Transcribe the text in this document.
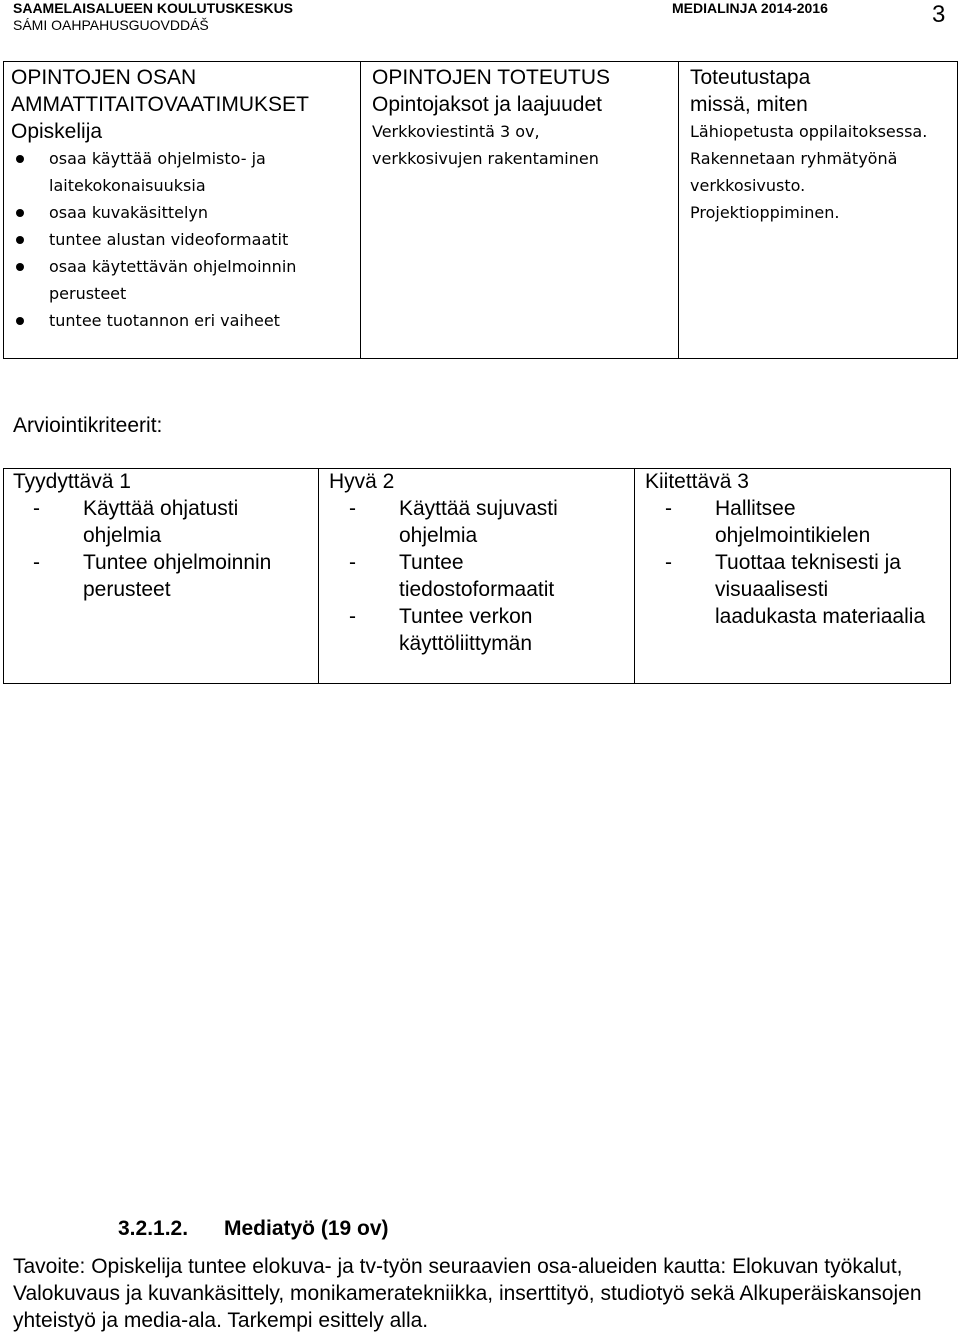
SAAMELAISALUEEN KOULUTUSKESKUS
SÁMI OAHPAHUSGUOVDDÁŠ
MEDIALINJA 2014-2016	3
OPINTOJEN OSAN AMMATTITAITOVAATIMUKSET
Opiskelija
osaa käyttää ohjelmisto- ja laitekokonaisuuksia
osaa kuvakäsittelyn
tuntee alustan videoformaatit
osaa käytettävän ohjelmoinnin perusteet
tuntee tuotannon eri vaiheet
OPINTOJEN TOTEUTUS
Opintojaksot ja laajuudet
Verkkoviestintä 3 ov, verkkosivujen rakentaminen
Toteutustapa
missä, miten
Lähiopetusta oppilaitoksessa. Rakennetaan ryhmätyönä verkkosivusto. Projektioppiminen.
Arviointikriteerit:
Tyydyttävä 1
- Käyttää ohjatusti ohjelmia
- Tuntee ohjelmoinnin perusteet
Hyvä 2
- Käyttää sujuvasti ohjelmia
- Tuntee tiedostoformaatit
- Tuntee verkon käyttöliittymän
Kiitettävä 3
- Hallitsee ohjelmointikielen
- Tuottaa teknisesti ja visuaalisesti laadukasta materiaalia
3.2.1.2. Mediatyö (19 ov)
Tavoite: Opiskelija tuntee elokuva- ja tv-työn seuraavien osa-alueiden kautta: Elokuvan työkalut, Valokuvaus ja kuvankäsittely, monikameratekniikka, inserttityö, studiotyö sekä Alkuperäiskansojen yhteistyö ja media-ala. Tarkempi esittely alla.
